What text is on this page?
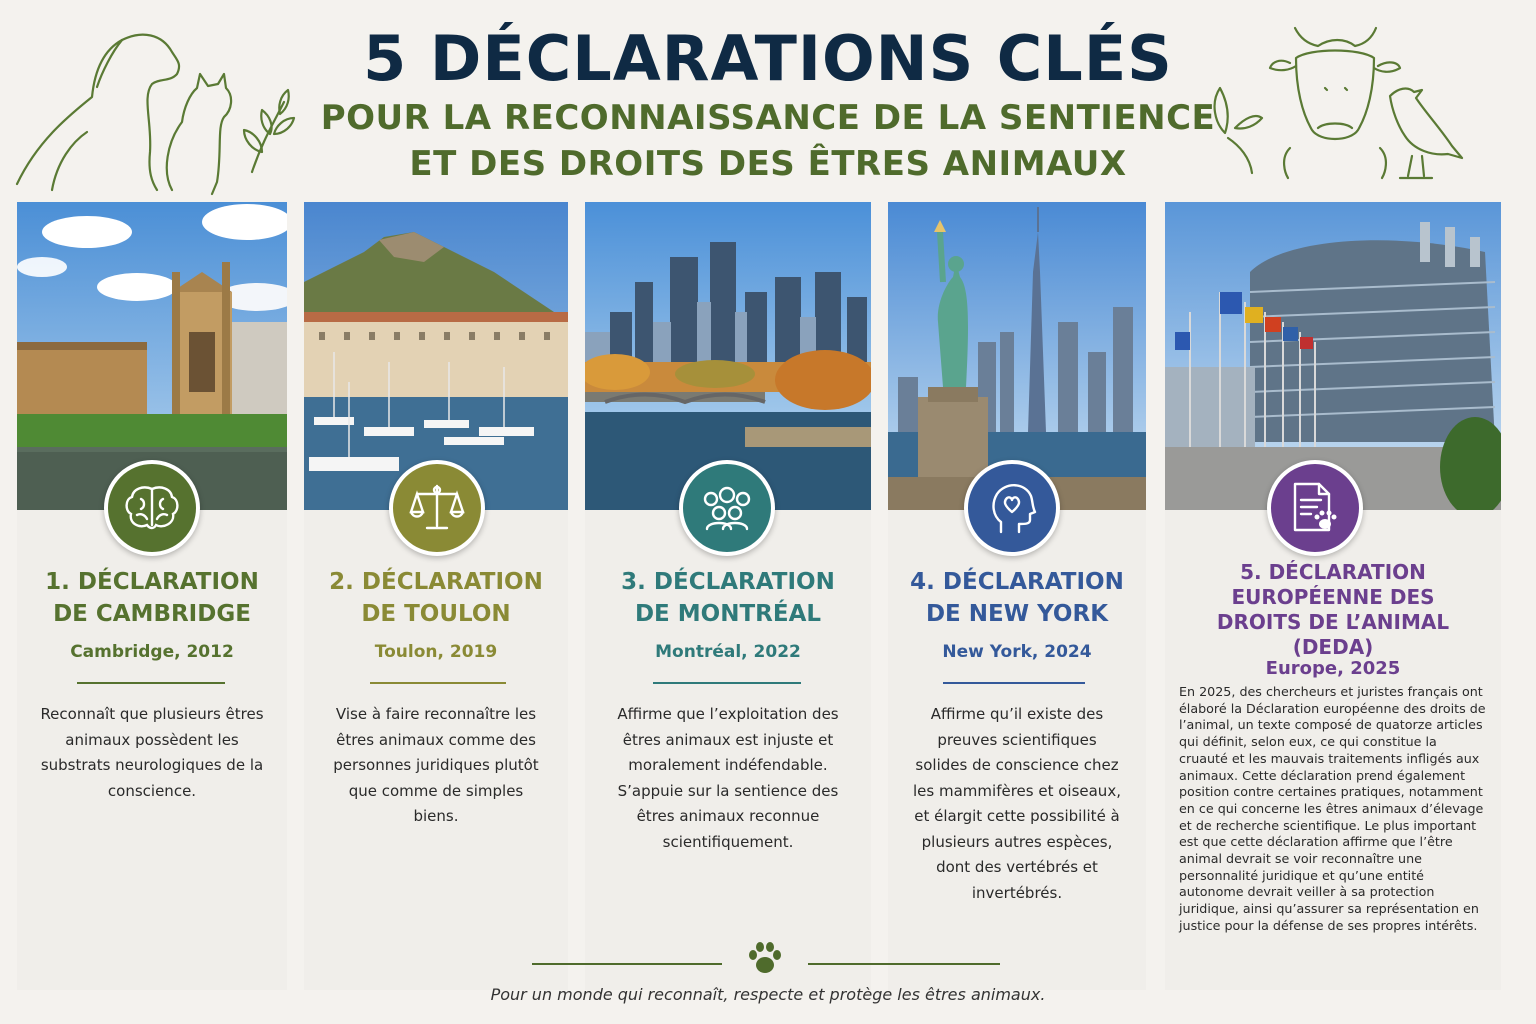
5 DÉCLARATIONS CLÉS
POUR LA RECONNAISSANCE DE LA SENTIENCE
ET DES DROITS DES ÊTRES ANIMAUX
1. DÉCLARATION
DE CAMBRIDGE
Cambridge, 2012
Reconnaît que plusieurs êtres animaux possèdent les substrats neurologiques de la conscience.
2. DÉCLARATION
DE TOULON
Toulon, 2019
Vise à faire reconnaître les êtres animaux comme des personnes juridiques plutôt que comme de simples biens.
3. DÉCLARATION
DE MONTRÉAL
Montréal, 2022
Affirme que l’exploitation des êtres animaux est injuste et moralement indéfendable. S’appuie sur la sentience des êtres animaux reconnue scientifiquement.
4. DÉCLARATION
DE NEW YORK
New York, 2024
Affirme qu’il existe des preuves scientifiques solides de conscience chez les mammifères et oiseaux, et élargit cette possibilité à plusieurs autres espèces, dont des vertébrés et invertébrés.
5. DÉCLARATION
EUROPÉENNE DES
DROITS DE L’ANIMAL
(DEDA)
Europe, 2025
En 2025, des chercheurs et juristes français ont élaboré la Déclaration européenne des droits de l’animal, un texte composé de quatorze articles qui définit, selon eux, ce qui constitue la cruauté et les mauvais traitements infligés aux animaux. Cette déclaration prend également position contre certaines pratiques, notamment en ce qui concerne les êtres animaux d’élevage et de recherche scientifique. Le plus important est que cette déclaration affirme que l’être animal devrait se voir reconnaître une personnalité juridique et qu’une entité autonome devrait veiller à sa protection juridique, ainsi qu’assurer sa représentation en justice pour la défense de ses propres intérêts.
Pour un monde qui reconnaît, respecte et protège les êtres animaux.
